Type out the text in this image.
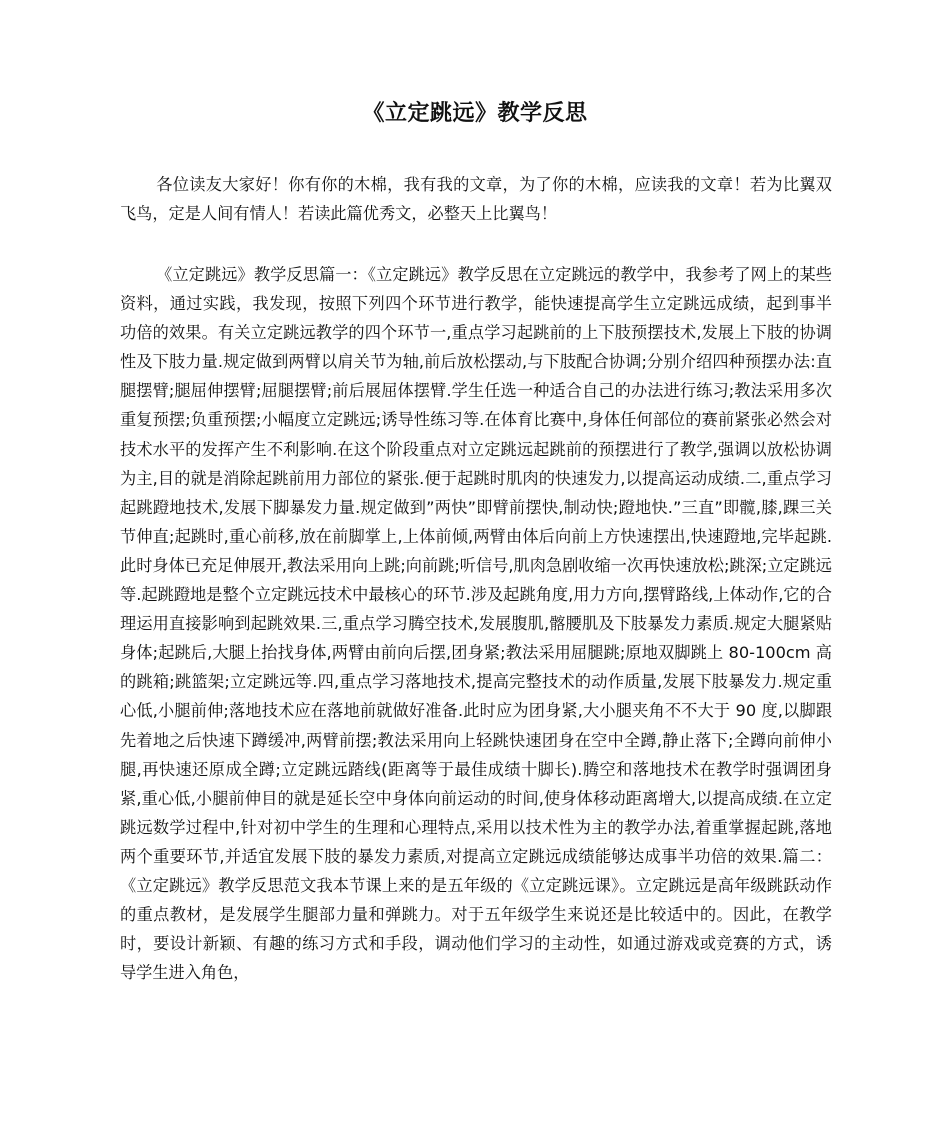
《立定跳远》教学反思

各位读友大家好！你有你的木棉，我有我的文章，为了你的木棉，应读我的文章！若为比翼双飞鸟，定是人间有情人！若读此篇优秀文，必整天上比翼鸟！

《立定跳远》教学反思篇一：《立定跳远》教学反思在立定跳远的教学中，我参考了网上的某些资料，通过实践，我发现，按照下列四个环节进行教学，能快速提高学生立定跳远成绩，起到事半功倍的效果。有关立定跳远教学的四个环节一,重点学习起跳前的上下肢预摆技术,发展上下肢的协调性及下肢力量.规定做到两臂以肩关节为轴,前后放松摆动,与下肢配合协调;分别介绍四种预摆办法:直腿摆臂;腿屈伸摆臂;屈腿摆臂;前后展屈体摆臂.学生任选一种适合自己的办法进行练习;教法采用多次重复预摆;负重预摆;小幅度立定跳远;诱导性练习等.在体育比赛中,身体任何部位的赛前紧张必然会对技术水平的发挥产生不利影响.在这个阶段重点对立定跳远起跳前的预摆进行了教学,强调以放松协调为主,目的就是消除起跳前用力部位的紧张.便于起跳时肌肉的快速发力,以提高运动成绩.二,重点学习起跳蹬地技术,发展下脚暴发力量.规定做到”两快”即臂前摆快,制动快;蹬地快.”三直”即髋,膝,踝三关节伸直;起跳时,重心前移,放在前脚掌上,上体前倾,两臂由体后向前上方快速摆出,快速蹬地,完毕起跳.此时身体已充足伸展开,教法采用向上跳;向前跳;听信号,肌肉急剧收缩一次再快速放松;跳深;立定跳远等.起跳蹬地是整个立定跳远技术中最核心的环节.涉及起跳角度,用力方向,摆臂路线,上体动作,它的合理运用直接影响到起跳效果.三,重点学习腾空技术,发展腹肌,髂腰肌及下肢暴发力素质.规定大腿紧贴身体;起跳后,大腿上抬找身体,两臂由前向后摆,团身紧;教法采用屈腿跳;原地双脚跳上 80-100cm 高的跳箱;跳篮架;立定跳远等.四,重点学习落地技术,提高完整技术的动作质量,发展下肢暴发力.规定重心低,小腿前伸;落地技术应在落地前就做好准备.此时应为团身紧,大小腿夹角不不大于 90 度,以脚跟先着地之后快速下蹲缓冲,两臂前摆;教法采用向上轻跳快速团身在空中全蹲,静止落下;全蹲向前伸小腿,再快速还原成全蹲;立定跳远踏线(距离等于最佳成绩十脚长).腾空和落地技术在教学时强调团身紧,重心低,小腿前伸目的就是延长空中身体向前运动的时间,使身体移动距离增大,以提高成绩.在立定跳远数学过程中,针对初中学生的生理和心理特点,采用以技术性为主的教学办法,着重掌握起跳,落地两个重要环节,并适宜发展下肢的暴发力素质,对提高立定跳远成绩能够达成事半功倍的效果.篇二：《立定跳远》教学反思范文我本节课上来的是五年级的《立定跳远课》。立定跳远是高年级跳跃动作的重点教材，是发展学生腿部力量和弹跳力。对于五年级学生来说还是比较适中的。因此，在教学时，要设计新颖、有趣的练习方式和手段，调动他们学习的主动性，如通过游戏或竞赛的方式，诱导学生进入角色，
